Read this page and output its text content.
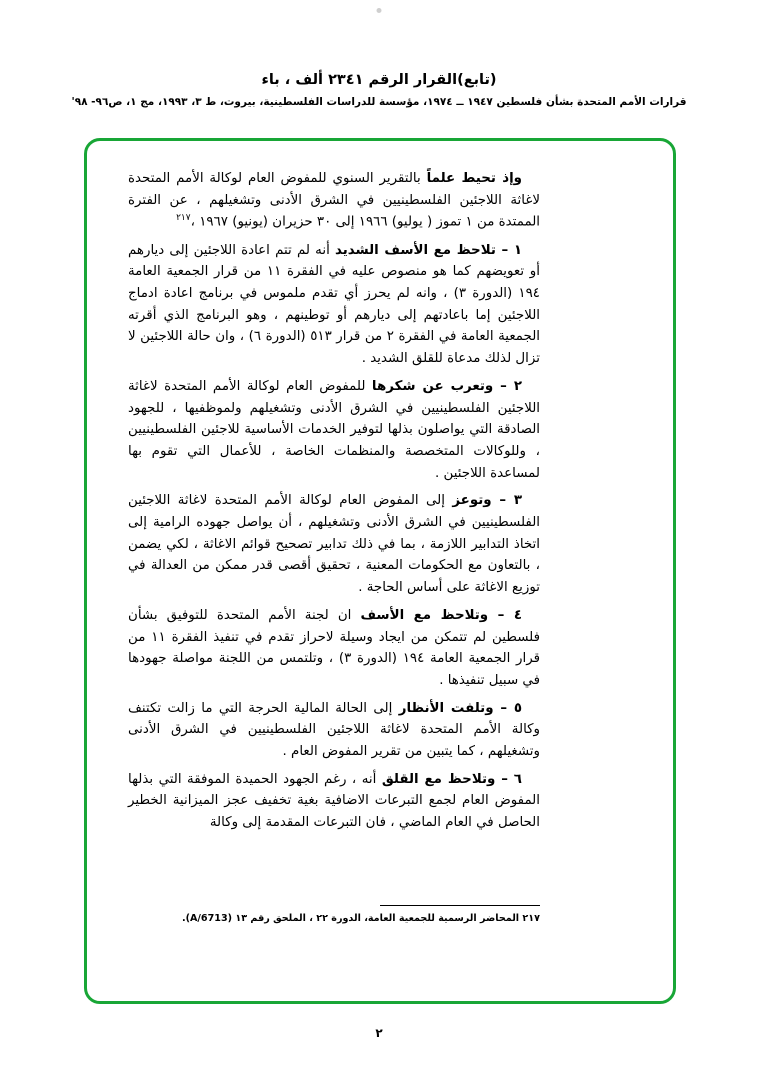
(تابع)القرار الرقم ٢٣٤١ ألف ، باء
قرارات الأمم المتحدة بشأن فلسطين ١٩٤٧ ــ ١٩٧٤، مؤسسة للدراسات الفلسطينية، بيروت، ط ٣، ١٩٩٣، مج ١، ص٩٦- ٩٨'

وإذ تحيط علماً بالتقرير السنوي للمفوض العام لوكالة الأمم المتحدة لاغاثة اللاجئين الفلسطينيين في الشرق الأدنى وتشغيلهم ، عن الفترة الممتدة من ١ تموز ( يوليو) ١٩٦٦ إلى ٣٠ حزيران (يونيو) ١٩٦٧ ،$^{٢١٧}$

١ – تلاحظ مع الأسف الشديد أنه لم تتم اعادة اللاجئين إلى ديارهم أو تعويضهم كما هو منصوص عليه في الفقرة ١١ من قرار الجمعية العامة ١٩٤ (الدورة ٣) ، وانه لم يحرز أي تقدم ملموس في برنامج اعادة ادماج اللاجئين إما باعادتهم إلى ديارهم أو توطينهم ، وهو البرنامج الذي أقرته الجمعية العامة في الفقرة ٢ من قرار ٥١٣ (الدورة ٦) ، وان حالة اللاجئين لا تزال لذلك مدعاة للقلق الشديد .

٢ – وتعرب عن شكرها للمفوض العام لوكالة الأمم المتحدة لاغاثة اللاجئين الفلسطينيين في الشرق الأدنى وتشغيلهم ولموظفيها ، للجهود الصادقة التي يواصلون بذلها لتوفير الخدمات الأساسية للاجئين الفلسطينيين ، وللوكالات المتخصصة والمنظمات الخاصة ، للأعمال التي تقوم بها لمساعدة اللاجئين .

٣ – وتوعز إلى المفوض العام لوكالة الأمم المتحدة لاغاثة اللاجئين الفلسطينيين في الشرق الأدنى وتشغيلهم ، أن يواصل جهوده الرامية إلى اتخاذ التدابير اللازمة ، بما في ذلك تدابير تصحيح قوائم الاغاثة ، لكي يضمن ، بالتعاون مع الحكومات المعنية ، تحقيق أقصى قدر ممكن من العدالة في توزيع الاغاثة على أساس الحاجة .

٤ – وتلاحظ مع الأسف ان لجنة الأمم المتحدة للتوفيق بشأن فلسطين لم تتمكن من ايجاد وسيلة لاحراز تقدم في تنفيذ الفقرة ١١ من قرار الجمعية العامة ١٩٤ (الدورة ٣) ، وتلتمس من اللجنة مواصلة جهودها في سبيل تنفيذها .

٥ – وتلفت الأنظار إلى الحالة المالية الحرجة التي ما زالت تكتنف وكالة الأمم المتحدة لاغاثة اللاجئين الفلسطينيين في الشرق الأدنى وتشغيلهم ، كما يتبين من تقرير المفوض العام .

٦ – وتلاحظ مع القلق أنه ، رغم الجهود الحميدة الموفقة التي بذلها المفوض العام لجمع التبرعات الاضافية بغية تخفيف عجز الميزانية الخطير الحاصل في العام الماضي ، فان التبرعات المقدمة إلى وكالة

٢١٧ المحاضر الرسمية للجمعية العامة، الدورة ٢٢ ، الملحق رقم ١٣ (A/6713).
٢
